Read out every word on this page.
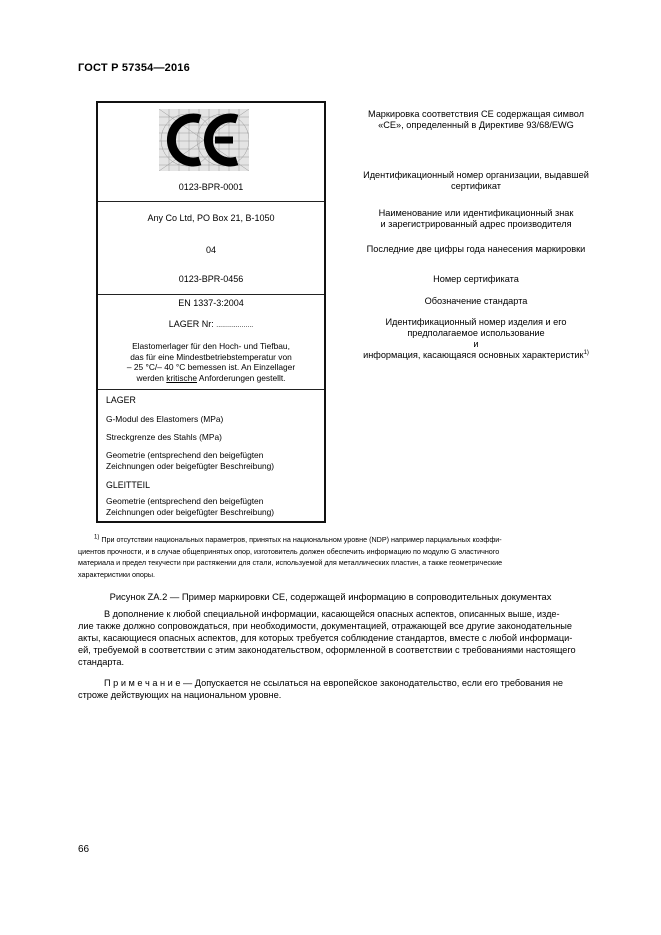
ГОСТ Р 57354—2016
0123-BPR-0001
Any Co Ltd, PO Box 21, B-1050
04
0123-BPR-0456
EN 1337-3:2004
LAGER Nr: ...................
Elastomerlager für den Hoch- und Tiefbau,
das für eine Mindestbetriebstemperatur von
– 25 °C/– 40 °C bemessen ist. An Einzellager
werden kritische Anforderungen gestellt.
LAGER
G-Modul des Elastomers (MPa)
Streckgrenze des Stahls (MPa)
Geometrie (entsprechend den beigefügten
Zeichnungen oder beigefügter Beschreibung)
GLEITTEIL
Geometrie (entsprechend den beigefügten
Zeichnungen oder beigefügter Beschreibung)
Маркировка соответствия СЕ содержащая символ
«СЕ», определенный в Директиве 93/68/EWG
Идентификационный номер организации, выдавшей
сертификат
Наименование или идентификационный знак
и зарегистрированный адрес производителя
Последние две цифры года нанесения маркировки
Номер сертификата
Обозначение стандарта
Идентификационный номер изделия и его
предполагаемое использование
и
информация, касающаяся основных характеристик$^{1)}$
$^{1)}$ При отсутствии национальных параметров, принятых на национальном уровне (NDP) например парциальных коэффи-
циентов прочности, и в случае общепринятых опор, изготовитель должен обеспечить информацию по модулю G эластичного
материала и предел текучести при растяжении для стали, используемой для металлических пластин, а также геометрические
характеристики опоры.
Рисунок ZA.2 — Пример маркировки СЕ, содержащей информацию в сопроводительных документах
В дополнение к любой специальной информации, касающейся опасных аспектов, описанных выше, изде-
лие также должно сопровождаться, при необходимости, документацией, отражающей все другие законодательные
акты, касающиеся опасных аспектов, для которых требуется соблюдение стандартов, вместе с любой информаци-
ей, требуемой в соответствии с этим законодательством, оформленной в соответствии с требованиями настоящего
стандарта.
П р и м е ч а н и е — Допускается не ссылаться на европейское законодательство, если его требования не
строже действующих на национальном уровне.
66
